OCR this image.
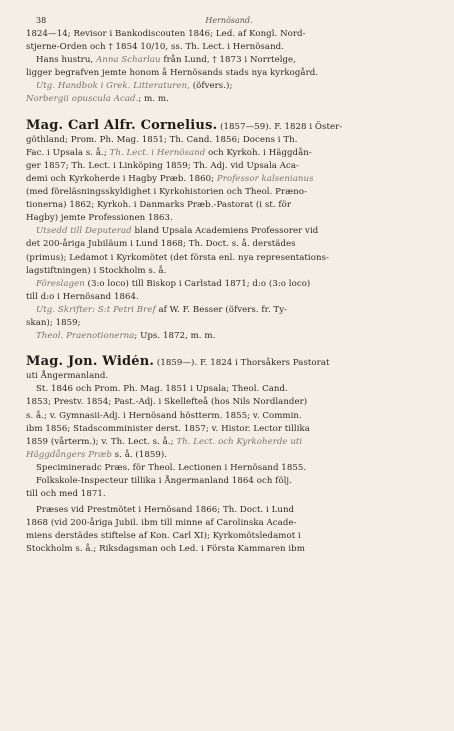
38	Hernösand.
1824—14; Revisor i Bankodiscouten 1846; Led. af Kongl. Nord-
stjerne-Orden och † 1854 10/10, ss. Th. Lect. i Hernösand.
Hans hustru, Anna Scharlau från Lund, † 1873 i Norrtelge,
ligger begrafven jemte honom å Hernösands stads nya kyrkogård.
Utg. Handbok i Grek. Litteraturen, (öfvers.);
Norbergii opuscula Acad.; m. m.
Mag. Carl Alfr. Cornelius. (1857—59). F. 1828 i Öster-
göthland; Prom. Ph. Mag. 1851; Th. Cand. 1856; Docens i Th.
Fac. i Upsala s. å.; Th. Lect. i Hernösand och Kyrkoh. i Häggdån-
ger 1857; Th. Lect. i Linköping 1859; Th. Adj. vid Upsala Aca-
demi och Kyrkoherde i Hagby Præb. 1860; Professor kalsenianus
(med föreläsningsskyldighet i Kyrkohistorien och Theol. Præno-
tionerna) 1862; Kyrkoh. i Danmarks Præb.-Pastorat (i st. för
Hagby) jemte Professionen 1863.
Utsedd till Deputerad bland Upsala Academiens Professorer vid
det 200-åriga Jubiläum i Lund 1868; Th. Doct. s. å. derstädes
(primus); Ledamot i Kyrkomötet (det första enl. nya representations-
lagstiftningen) i Stockholm s. å.
Föreslagen (3:o loco) till Biskop i Carlstad 1871; d:o (3:o loco)
till d:o i Hernösand 1864.
Utg. Skrifter: S:t Petri Bref af W. F. Besser (öfvers. fr. Ty-
skan); 1859;
Theol. Praenotionerna; Ups. 1872, m. m.
Mag. Jon. Widén. (1859—). F. 1824 i Thorsåkers Pastorat
uti Ångermanland.
St. 1846 och Prom. Ph. Mag. 1851 i Upsala; Theol. Cand.
1853; Prestv. 1854; Past.-Adj. i Skellefteå (hos Nils Nordlander)
s. å.; v. Gymnasii-Adj. i Hernösand höstterm. 1855; v. Commin.
ibm 1856; Stadscomminister derst. 1857; v. Histor. Lector tillika
1859 (vårterm.); v. Th. Lect. s. å.; Th. Lect. och Kyrkoherde uti
Häggdångers Præb s. å. (1859).
Specimineradc Præs. för Theol. Lectionen i Hernösand 1855.
Folkskole-Inspecteur tillika i Ångermanland 1864 och följ.
till och med 1871.
Præses vid Prestmötet i Hernösand 1866; Th. Doct. i Lund
1868 (vid 200-åriga Jubil. ibm till minne af Carolinska Acade-
miens derstädes stiftelse af Kon. Carl XI); Kyrkomötsledamot i
Stockholm s. å.; Riksdagsman och Led. i Första Kammaren ibm
